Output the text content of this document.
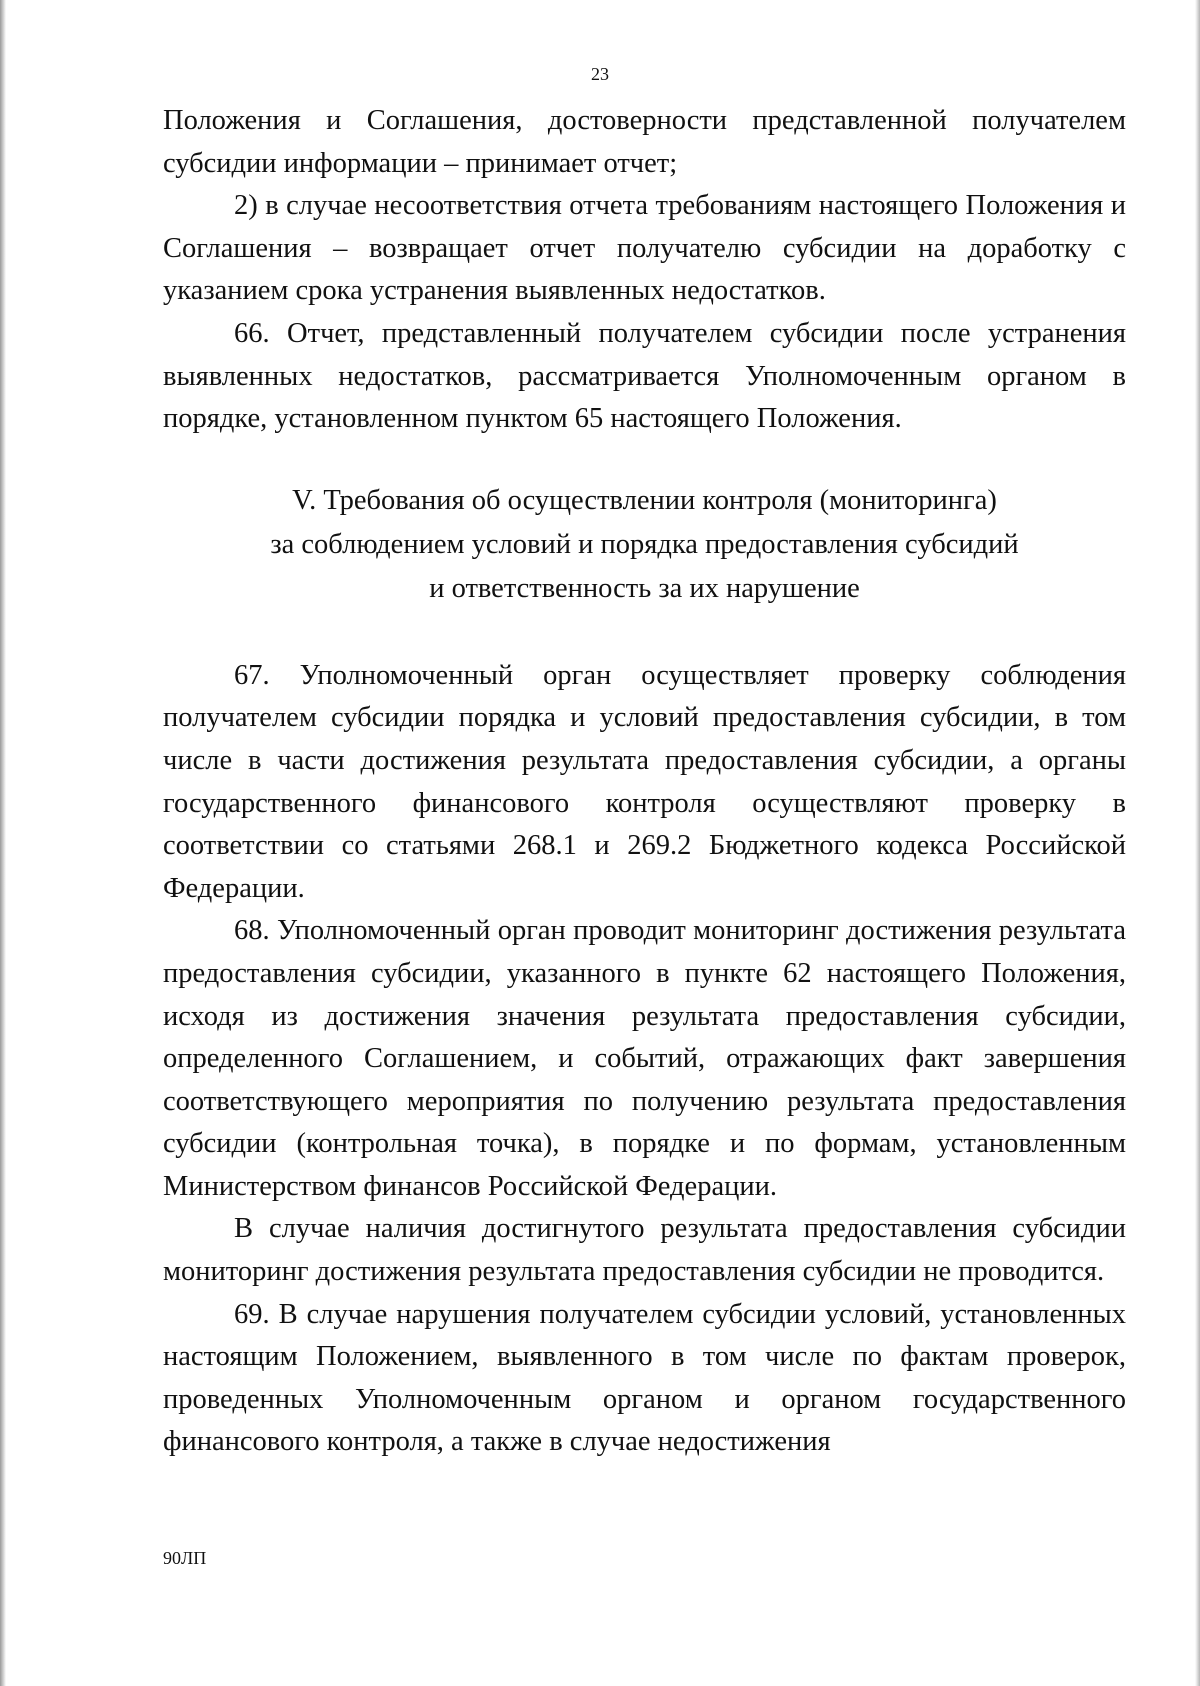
23

Положения и Соглашения, достоверности представленной получателем субсидии информации – принимает отчет;

2) в случае несоответствия отчета требованиям настоящего Положения и Соглашения – возвращает отчет получателю субсидии на доработку с указанием срока устранения выявленных недостатков.

66. Отчет, представленный получателем субсидии после устранения выявленных недостатков, рассматривается Уполномоченным органом в порядке, установленном пунктом 65 настоящего Положения.

V. Требования об осуществлении контроля (мониторинга)
за соблюдением условий и порядка предоставления субсидий
и ответственность за их нарушение

67. Уполномоченный орган осуществляет проверку соблюдения получателем субсидии порядка и условий предоставления субсидии, в том числе в части достижения результата предоставления субсидии, а органы государственного финансового контроля осуществляют проверку в соответствии со статьями 268.1 и 269.2 Бюджетного кодекса Российской Федерации.

68. Уполномоченный орган проводит мониторинг достижения результата предоставления субсидии, указанного в пункте 62 настоящего Положения, исходя из достижения значения результата предоставления субсидии, определенного Соглашением, и событий, отражающих факт завершения соответствующего мероприятия по получению результата предоставления субсидии (контрольная точка), в порядке и по формам, установленным Министерством финансов Российской Федерации.

В случае наличия достигнутого результата предоставления субсидии мониторинг достижения результата предоставления субсидии не проводится.

69. В случае нарушения получателем субсидии условий, установленных настоящим Положением, выявленного в том числе по фактам проверок, проведенных Уполномоченным органом и органом государственного финансового контроля, а также в случае недостижения

90ЛП
